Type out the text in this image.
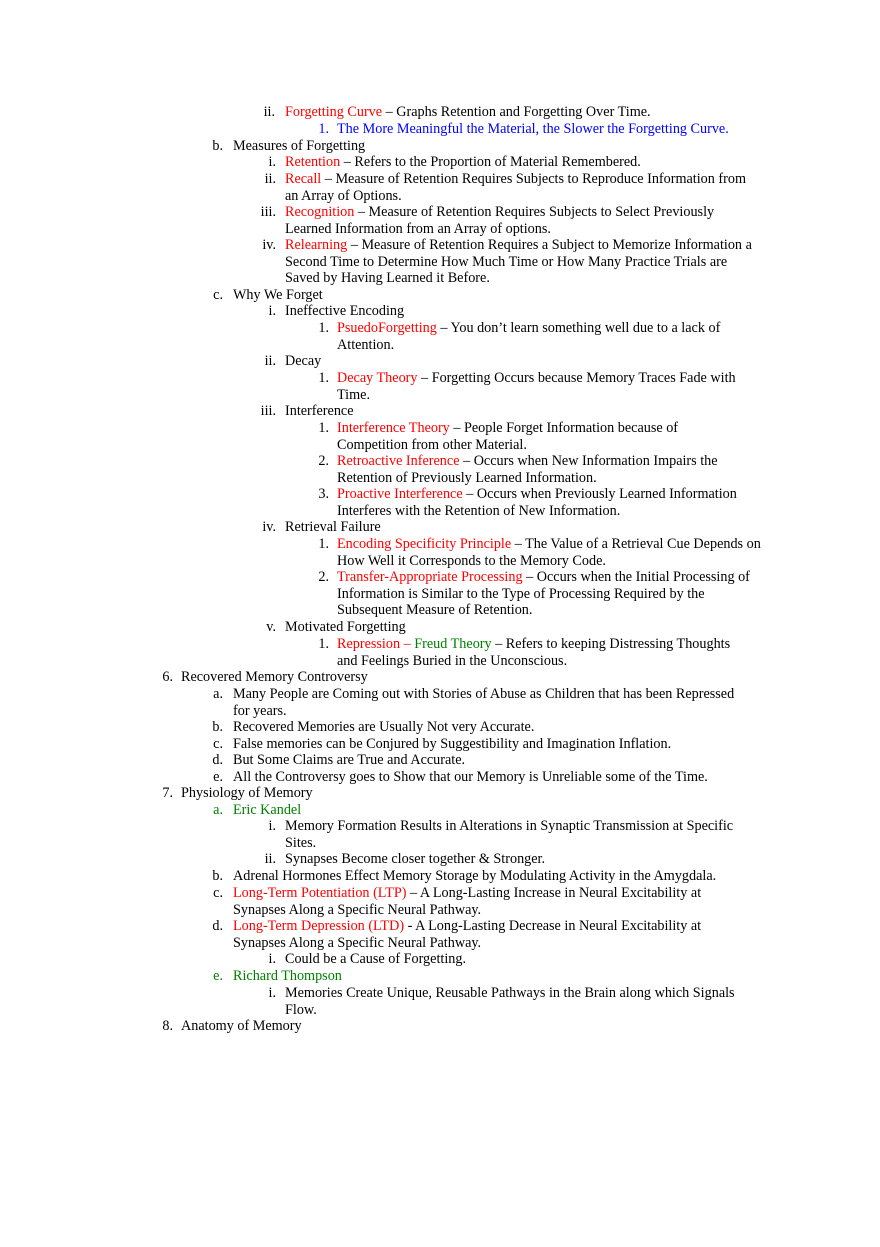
ii. Forgetting Curve – Graphs Retention and Forgetting Over Time.
1. The More Meaningful the Material, the Slower the Forgetting Curve.
b. Measures of Forgetting
i. Retention – Refers to the Proportion of Material Remembered.
ii. Recall – Measure of Retention Requires Subjects to Reproduce Information from an Array of Options.
iii. Recognition – Measure of Retention Requires Subjects to Select Previously Learned Information from an Array of options.
iv. Relearning – Measure of Retention Requires a Subject to Memorize Information a Second Time to Determine How Much Time or How Many Practice Trials are Saved by Having Learned it Before.
c. Why We Forget
i. Ineffective Encoding
1. PsuedoForgetting – You don’t learn something well due to a lack of Attention.
ii. Decay
1. Decay Theory – Forgetting Occurs because Memory Traces Fade with Time.
iii. Interference
1. Interference Theory – People Forget Information because of Competition from other Material.
2. Retroactive Inference – Occurs when New Information Impairs the Retention of Previously Learned Information.
3. Proactive Interference – Occurs when Previously Learned Information Interferes with the Retention of New Information.
iv. Retrieval Failure
1. Encoding Specificity Principle – The Value of a Retrieval Cue Depends on How Well it Corresponds to the Memory Code.
2. Transfer-Appropriate Processing – Occurs when the Initial Processing of Information is Similar to the Type of Processing Required by the Subsequent Measure of Retention.
v. Motivated Forgetting
1. Repression – Freud Theory – Refers to keeping Distressing Thoughts and Feelings Buried in the Unconscious.
6. Recovered Memory Controversy
a. Many People are Coming out with Stories of Abuse as Children that has been Repressed for years.
b. Recovered Memories are Usually Not very Accurate.
c. False memories can be Conjured by Suggestibility and Imagination Inflation.
d. But Some Claims are True and Accurate.
e. All the Controversy goes to Show that our Memory is Unreliable some of the Time.
7. Physiology of Memory
a. Eric Kandel
i. Memory Formation Results in Alterations in Synaptic Transmission at Specific Sites.
ii. Synapses Become closer together & Stronger.
b. Adrenal Hormones Effect Memory Storage by Modulating Activity in the Amygdala.
c. Long-Term Potentiation (LTP) – A Long-Lasting Increase in Neural Excitability at Synapses Along a Specific Neural Pathway.
d. Long-Term Depression (LTD) - A Long-Lasting Decrease in Neural Excitability at Synapses Along a Specific Neural Pathway.
i. Could be a Cause of Forgetting.
e. Richard Thompson
i. Memories Create Unique, Reusable Pathways in the Brain along which Signals Flow.
8. Anatomy of Memory
